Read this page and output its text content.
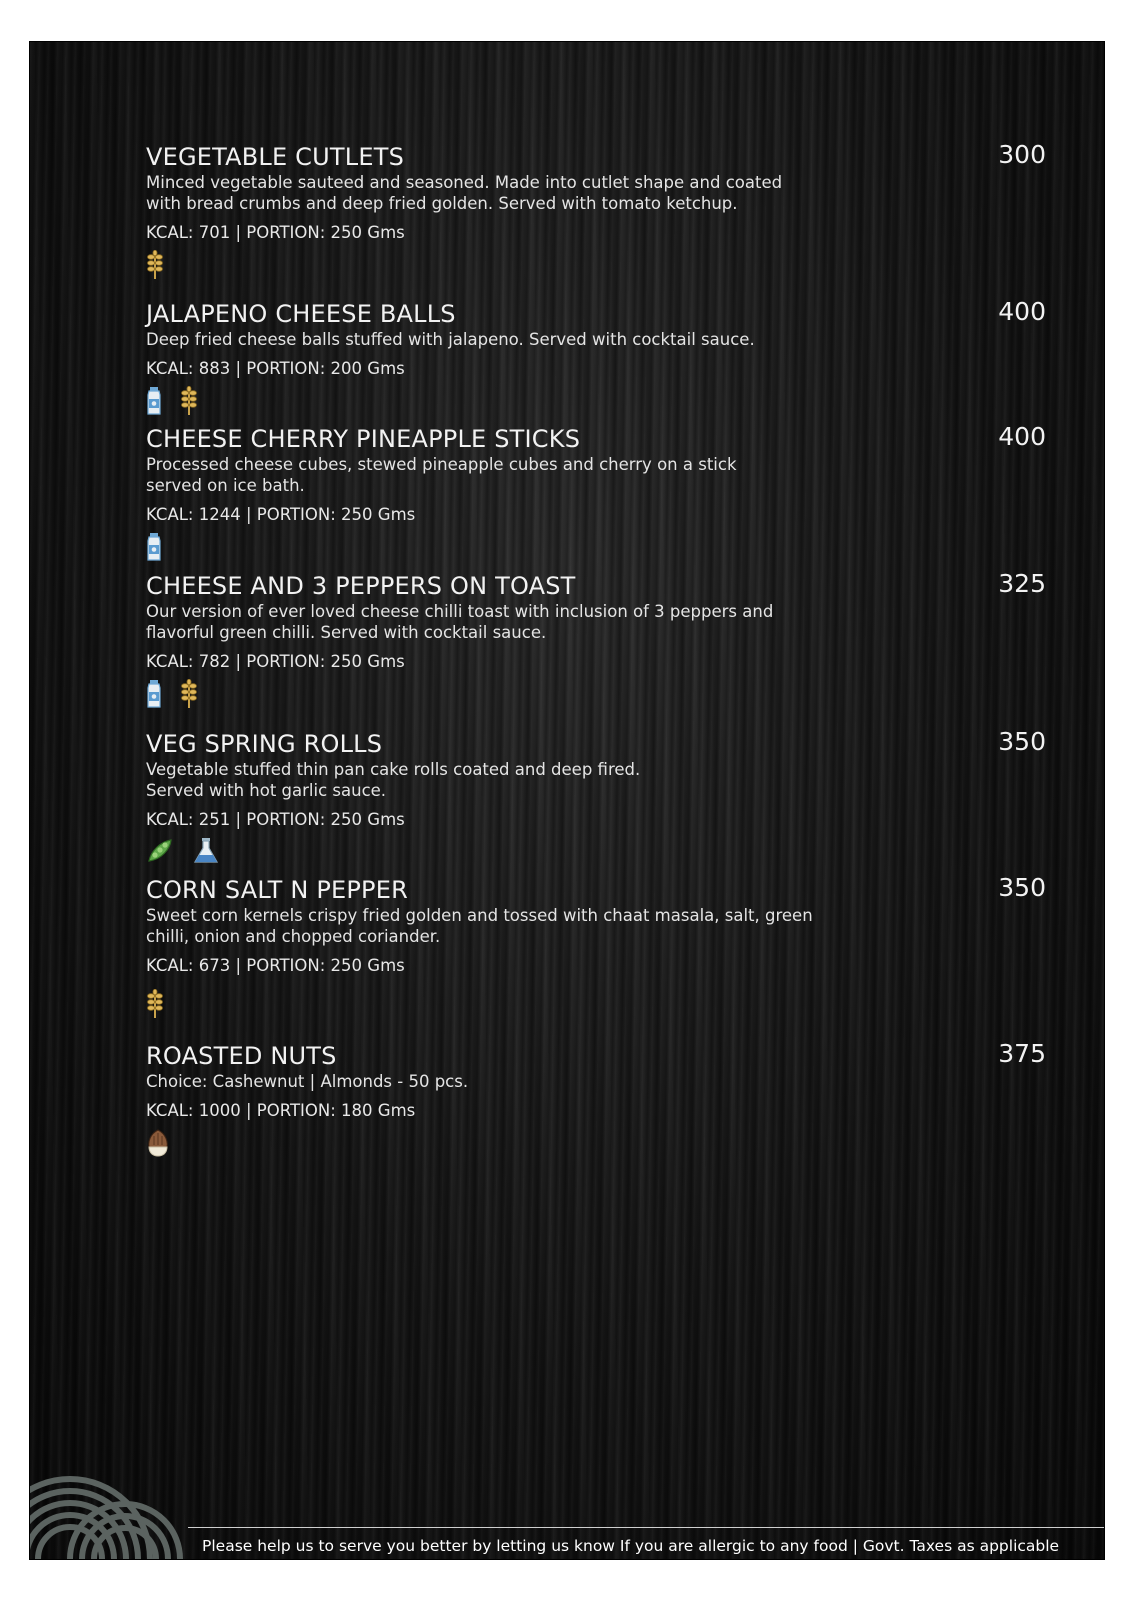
VEGETABLE CUTLETS	300

Minced vegetable sauteed and seasoned. Made into cutlet shape and coated
with bread crumbs and deep fried golden. Served with tomato ketchup.

KCAL: 701 | PORTION: 250 Gms
JALAPENO CHEESE BALLS	400

Deep fried cheese balls stuffed with jalapeno. Served with cocktail sauce.

KCAL: 883 | PORTION: 200 Gms
CHEESE CHERRY PINEAPPLE STICKS	400

Processed cheese cubes, stewed pineapple cubes and cherry on a stick
served on ice bath.

KCAL: 1244 | PORTION: 250 Gms
CHEESE AND 3 PEPPERS ON TOAST	325

Our version of ever loved cheese chilli toast with inclusion of 3 peppers and
flavorful green chilli. Served with cocktail sauce.

KCAL: 782 | PORTION: 250 Gms
VEG SPRING ROLLS	350

Vegetable stuffed thin pan cake rolls coated and deep fired.
Served with hot garlic sauce.

KCAL: 251 | PORTION: 250 Gms
CORN SALT N PEPPER	350

Sweet corn kernels crispy fried golden and tossed with chaat masala, salt, green
chilli, onion and chopped coriander.

KCAL: 673 | PORTION: 250 Gms
ROASTED NUTS	375

Choice: Cashewnut | Almonds - 50 pcs.

KCAL: 1000 | PORTION: 180 Gms
Please help us to serve you better by letting us know If you are allergic to any food | Govt. Taxes as applicable
